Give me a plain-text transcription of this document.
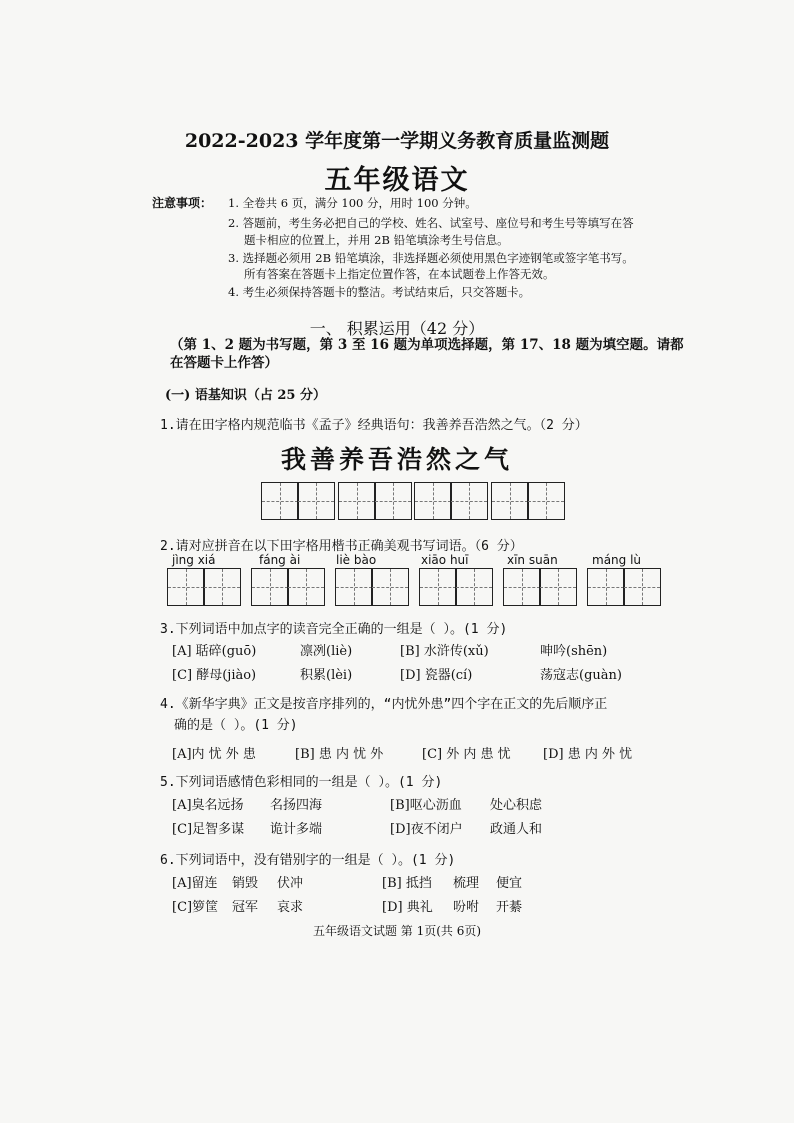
2022-2023 学年度第一学期义务教育质量监测题
五年级语文
注意事项： 1. 全卷共 6 页，满分 100 分，用时 100 分钟。
2. 答题前，考生务必把自己的学校、姓名、试室号、座位号和考生号等填写在答
题卡相应的位置上，并用 2B 铅笔填涂考生号信息。
3. 选择题必须用 2B 铅笔填涂，非选择题必须使用黑色字迹钢笔或签字笔书写。
所有答案在答题卡上指定位置作答，在本试题卷上作答无效。
4. 考生必须保持答题卡的整洁。考试结束后，只交答题卡。
一、 积累运用（42 分）
（第 1、2 题为书写题，第 3 至 16 题为单项选择题，第 17、18 题为填空题。请都在答题卡上作答）
(一) 语基知识（占 25 分）
1.请在田字格内规范临书《孟子》经典语句：我善养吾浩然之气。（2 分）
我善养吾浩然之气
2.请对应拼音在以下田字格用楷书正确美观书写词语。（6 分）
jìng xiá	fáng ài	liè bào	xiāo huī	xīn suān	máng lù
3.下列词语中加点字的读音完全正确的一组是（ ）。(1 分)
[A] 聒碎(guō)	凛冽(liè)	[B] 水浒传(xǔ)	呻吟(shēn)
[C] 酵母(jiào)	积累(lèi)	[D] 瓷器(cí)	荡寇志(guàn)
4.《新华字典》正文是按音序排列的，“内忧外患”四个字在正文的先后顺序正
确的是（ ）。(1 分)
[A]内 忧 外 患	[B] 患 内 忧 外	[C] 外 内 患 忧 [D] 患 内 外 忧
5.下列词语感情色彩相同的一组是（ ）。(1 分)
[A]臭名远扬 名扬四海	[B]呕心沥血 处心积虑
[C]足智多谋 诡计多端	[D]夜不闭户 政通人和
6.下列词语中，没有错别字的一组是（ ）。(1 分)
[A]留连 销毁 伏冲	[B] 抵挡 梳理 便宜
[C]箩筐 冠军 哀求	[D] 典礼 吩咐 开綦
五年级语文试题 第 1页(共 6页)
